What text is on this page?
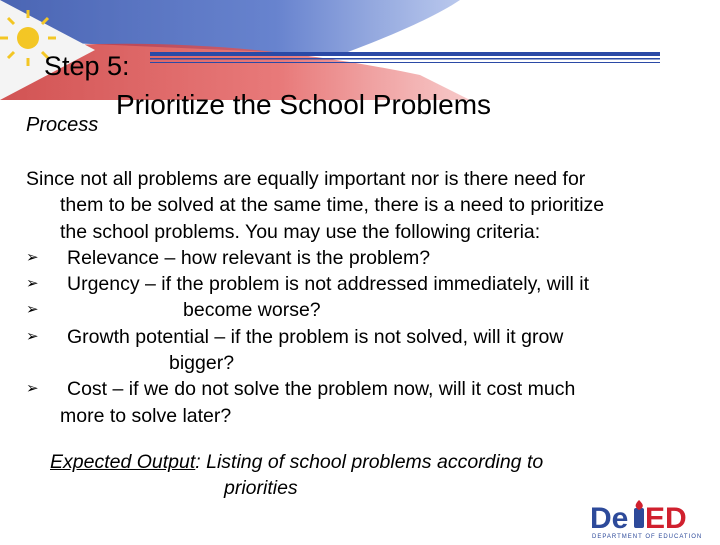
Step 5:
Prioritize the School Problems
Process
Since not all problems are equally important nor is there need for
them to be solved at the same time, there is a need to prioritize
the school problems. You may use the following criteria:
➢ Relevance – how relevant is the problem?
➢ Urgency – if the problem is not addressed immediately, will it
➢	become worse?
➢ Growth potential – if the problem is not solved, will it grow
bigger?
➢ Cost – if we do not solve the problem now, will it cost much
more to solve later?
Expected Output: Listing of school problems according to
priorities
De ED
DEPARTMENT OF EDUCATION
